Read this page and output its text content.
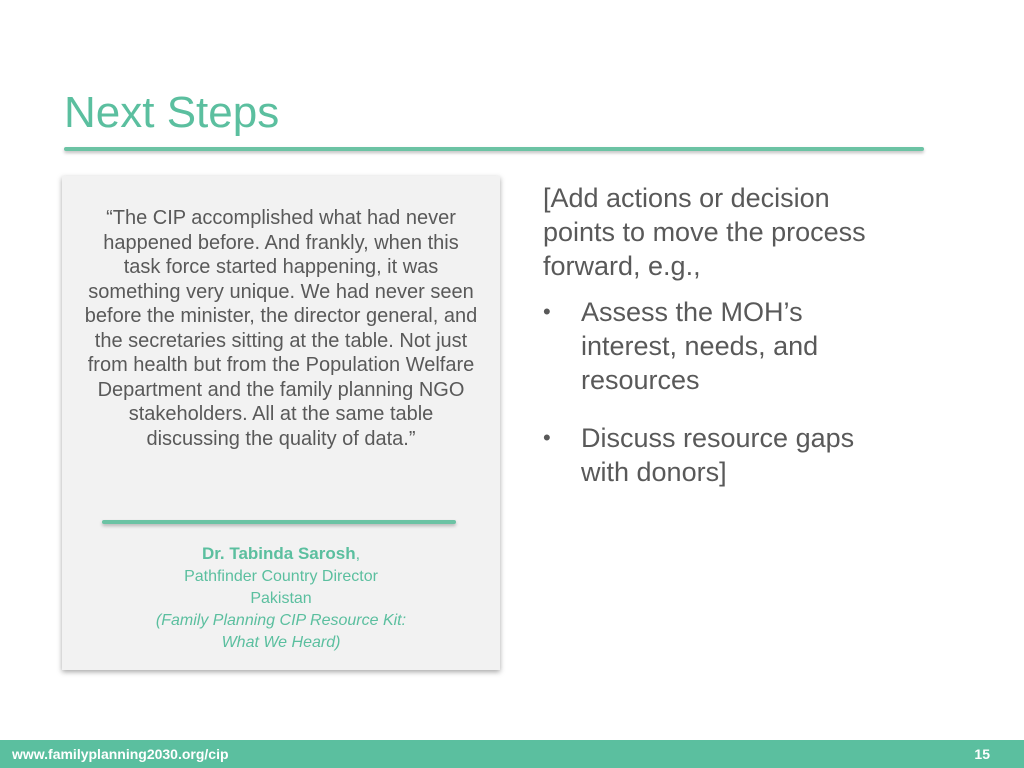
Next Steps
“The CIP accomplished what had never happened before. And frankly, when this task force started happening, it was something very unique. We had never seen before the minister, the director general, and the secretaries sitting at the table. Not just from health but from the Population Welfare Department and the family planning NGO stakeholders. All at the same table discussing the quality of data.”
Dr. Tabinda Sarosh,
Pathfinder Country Director
Pakistan
(Family Planning CIP Resource Kit:
What We Heard)

[Add actions or decision points to move the process forward, e.g.,

• Assess the MOH’s interest, needs, and resources
• Discuss resource gaps with donors]
www.familyplanning2030.org/cip	15
